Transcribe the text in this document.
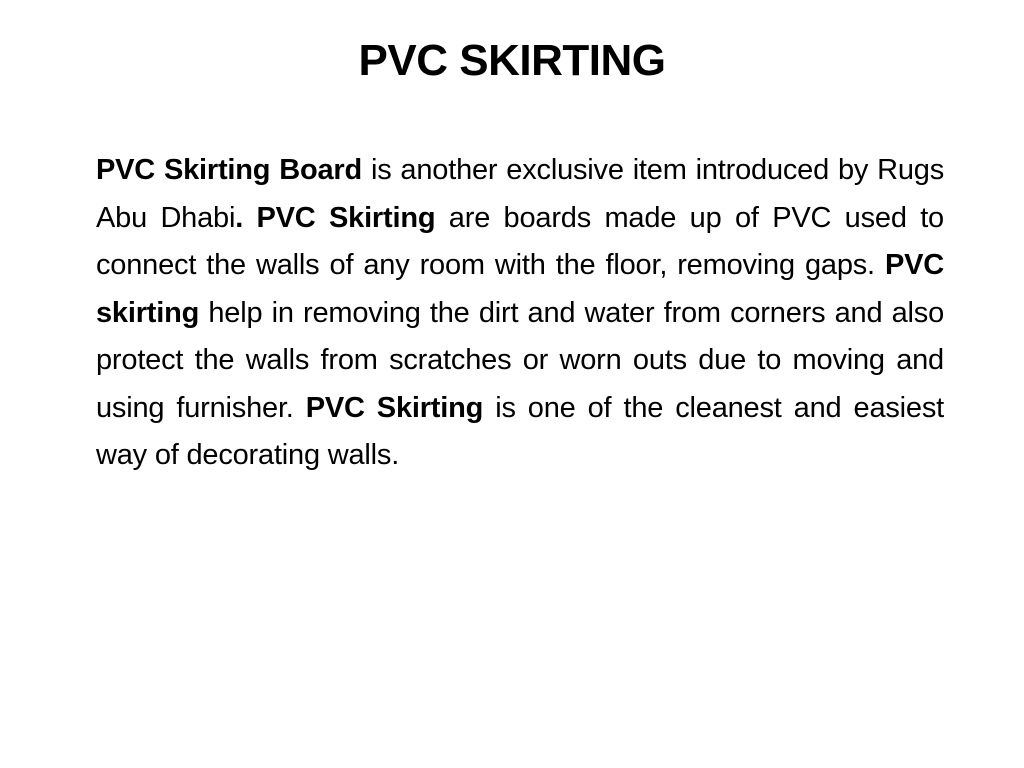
PVC SKIRTING

PVC Skirting Board is another exclusive item introduced by Rugs Abu Dhabi. PVC Skirting are boards made up of PVC used to connect the walls of any room with the floor, removing gaps. PVC skirting help in removing the dirt and water from corners and also protect the walls from scratches or worn outs due to moving and using furnisher. PVC Skirting is one of the cleanest and easiest way of decorating walls.
